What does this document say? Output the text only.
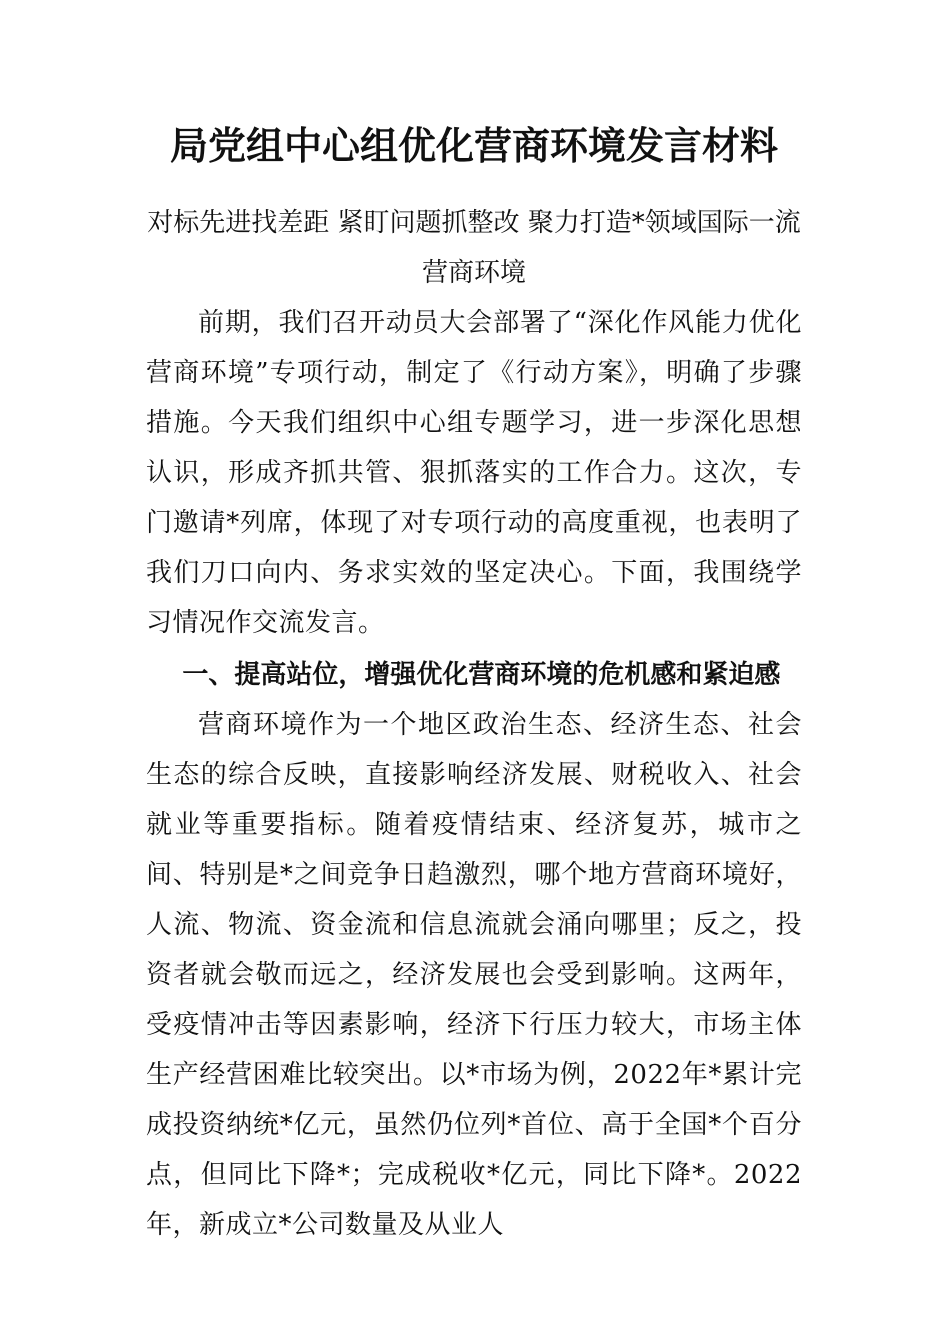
局党组中心组优化营商环境发言材料

对标先进找差距 紧盯问题抓整改 聚力打造*领域国际一流营商环境

前期，我们召开动员大会部署了“深化作风能力优化营商环境”专项行动，制定了《行动方案》，明确了步骤措施。今天我们组织中心组专题学习，进一步深化思想认识，形成齐抓共管、狠抓落实的工作合力。这次，专门邀请*列席，体现了对专项行动的高度重视，也表明了我们刀口向内、务求实效的坚定决心。下面，我围绕学习情况作交流发言。

一、提高站位，增强优化营商环境的危机感和紧迫感

营商环境作为一个地区政治生态、经济生态、社会生态的综合反映，直接影响经济发展、财税收入、社会就业等重要指标。随着疫情结束、经济复苏，城市之间、特别是*之间竞争日趋激烈，哪个地方营商环境好，人流、物流、资金流和信息流就会涌向哪里；反之，投资者就会敬而远之，经济发展也会受到影响。这两年，受疫情冲击等因素影响，经济下行压力较大，市场主体生产经营困难比较突出。以*市场为例，2022年*累计完成投资纳统*亿元，虽然仍位列*首位、高于全国*个百分点，但同比下降*；完成税收*亿元，同比下降*。2022年，新成立*公司数量及从业人
